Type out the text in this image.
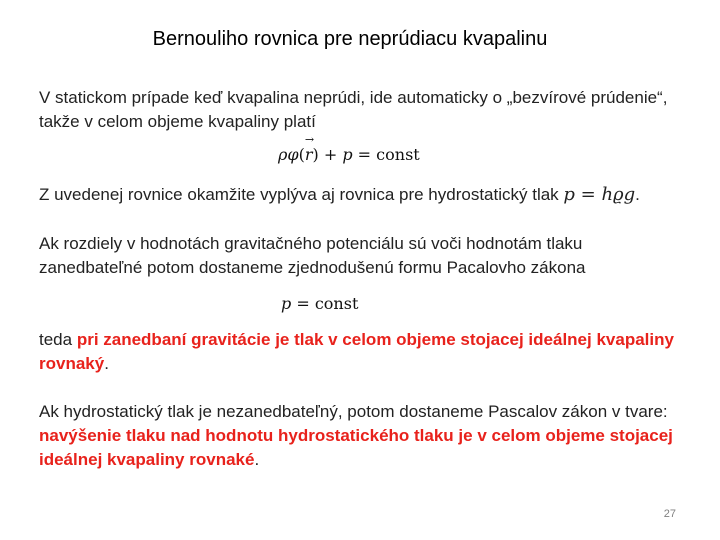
Bernouliho rovnica pre neprúdiacu kvapalinu
V statickom prípade keď kvapalina neprúdi, ide automaticky o „bezvírové prúdenie“, takže v celom objeme kvapaliny platí
ρφ(→ r) + p = const
Z uvedenej rovnice okamžite vyplýva aj rovnica pre hydrostatický tlak p = hϱg.
Ak rozdiely v hodnotách gravitačného potenciálu sú voči hodnotám tlaku zanedbateľné potom dostaneme zjednodušenú formu Pacalovho zákona
p = const
teda pri zanedbaní gravitácie je tlak v celom objeme stojacej ideálnej kvapaliny rovnaký.
Ak hydrostatický tlak je nezanedbateľný, potom dostaneme Pascalov zákon v tvare: navýšenie tlaku nad hodnotu hydrostatického tlaku je v celom objeme stojacej ideálnej kvapaliny rovnaké.
27
